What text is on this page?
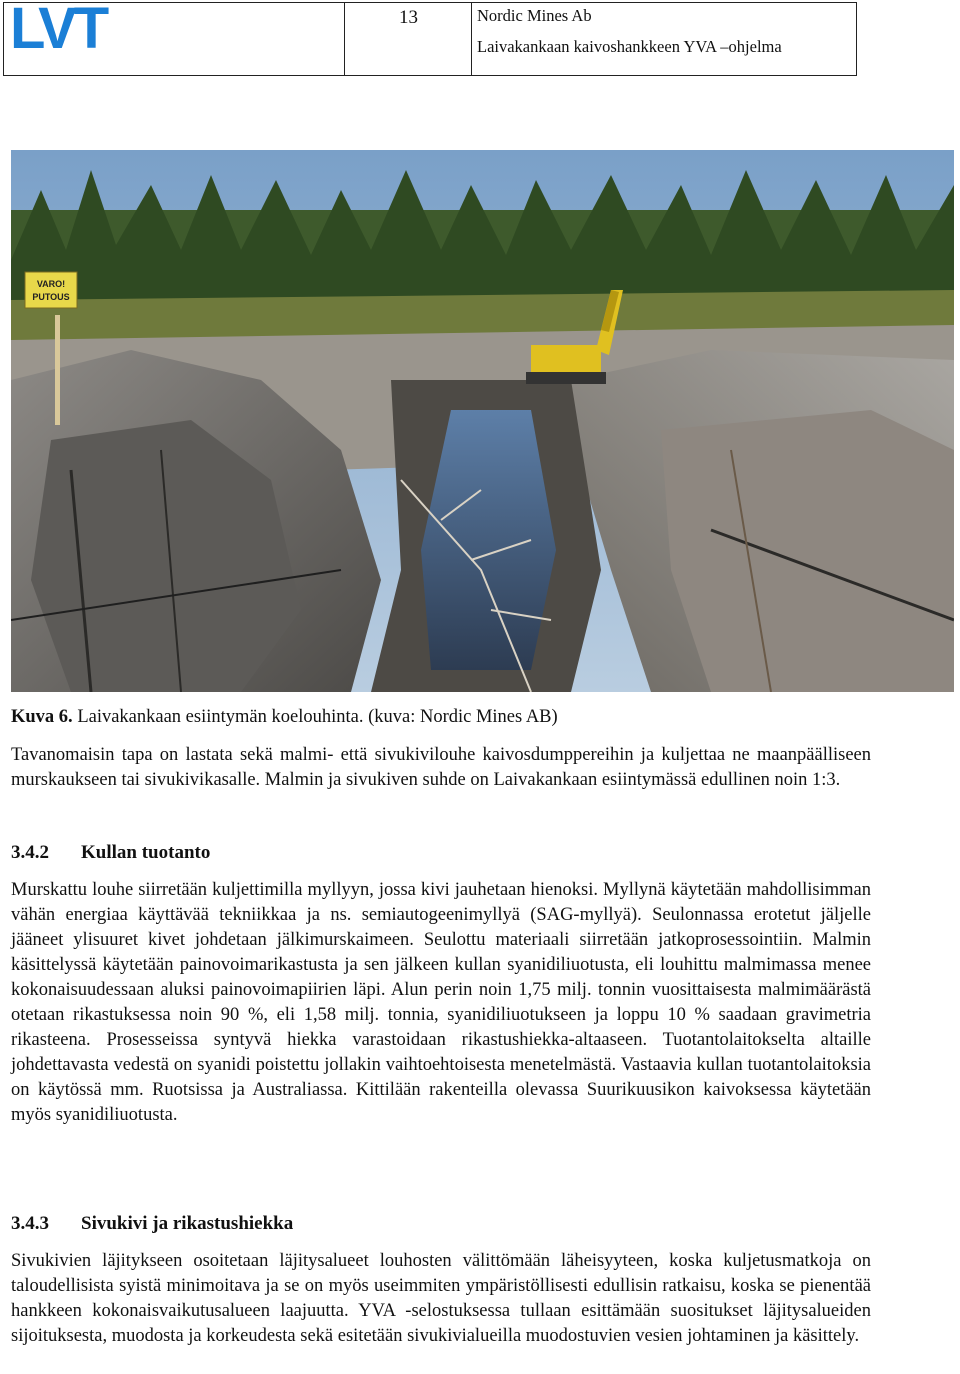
LVT	13	Nordic Mines Ab
Laivakankaan kaivoshankkeen YVA –ohjelma
VARO!
PUTOUS
Kuva 6. Laivakankaan esiintymän koelouhinta. (kuva: Nordic Mines AB)

Tavanomaisin tapa on lastata sekä malmi- että sivukivilouhe kaivosdumppereihin ja kuljettaa ne maanpäälliseen murskaukseen tai sivukivikasalle. Malmin ja sivukiven suhde on Laivakankaan esiintymässä edullinen noin 1:3.

3.4.2 Kullan tuotanto

Murskattu louhe siirretään kuljettimilla myllyyn, jossa kivi jauhetaan hienoksi. Myllynä käytetään mahdollisimman vähän energiaa käyttävää tekniikkaa ja ns. semiautogeenimyllyä (SAG-myllyä). Seulonnassa erotetut jäljelle jääneet ylisuuret kivet johdetaan jälkimurskaimeen. Seulottu materiaali siirretään jatkoprosessointiin. Malmin käsittelyssä käytetään painovoimarikastusta ja sen jälkeen kullan syanidiliuotusta, eli louhittu malmimassa menee kokonaisuudessaan aluksi painovoimapiirien läpi. Alun perin noin 1,75 milj. tonnin vuosittaisesta malmimäärästä otetaan rikastuksessa noin 90 %, eli 1,58 milj. tonnia, syanidiliuotukseen ja loppu 10 % saadaan gravimetria rikasteena. Prosesseissa syntyvä hiekka varastoidaan rikastushiekka-altaaseen. Tuotantolaitokselta altaille johdettavasta vedestä on syanidi poistettu jollakin vaihtoehtoisesta menetelmästä. Vastaavia kullan tuotantolaitoksia on käytössä mm. Ruotsissa ja Australiassa. Kittilään rakenteilla olevassa Suurikuusikon kaivoksessa käytetään myös syanidiliuotusta.

3.4.3 Sivukivi ja rikastushiekka

Sivukivien läjitykseen osoitetaan läjitysalueet louhosten välittömään läheisyyteen, koska kuljetusmatkoja on taloudellisista syistä minimoitava ja se on myös useimmiten ympäristöllisesti edullisin ratkaisu, koska se pienentää hankkeen kokonaisvaikutusalueen laajuutta. YVA -selostuksessa tullaan esittämään suositukset läjitysalueiden sijoituksesta, muodosta ja korkeudesta sekä esitetään sivukivialueilla muodostuvien vesien johtaminen ja käsittely.
